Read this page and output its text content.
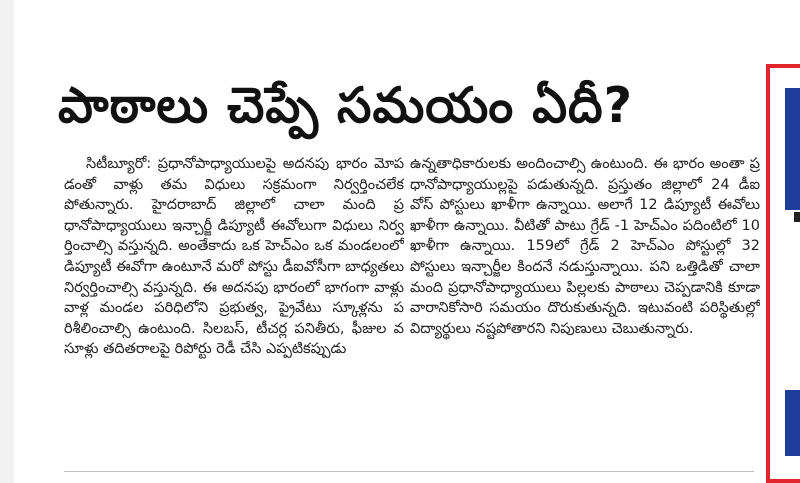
పాఠాలు చెప్పే సమయం ఏదీ?

సిటీబ్యూరో: ప్రధానోపాధ్యాయులపై అదనపు భారం మోపడంతో వాళ్లు తమ విధులు సక్రమంగా నిర్వర్తించలేకపోతున్నారు. హైదరాబాద్ జిల్లాలో చాలా మంది ప్రధానోపాధ్యాయులు ఇన్చార్జీ డిప్యూటీ ఈవోలుగా విధులు నిర్వర్తించాల్సి వస్తున్నది. అంతేకాదు ఒక హెచ్ఎం ఒక మండలంలో డిప్యూటీ ఈవోగా ఉంటూనే మరో పోస్టు డీఐవోసీగా బాధ్యతలు నిర్వర్తించాల్సి వస్తున్నది. ఈ అదనపు భారంలో భాగంగా వాళ్లు వాళ్ల మండల పరిధిలోని ప్రభుత్వ, ప్రైవేటు స్కూళ్లను పరిశీలించాల్సి ఉంటుంది. సిలబస్, టీచర్ల పనితీరు, ఫీజుల వసూళ్లు తదితరాలపై రిపోర్టు రెడీ చేసి ఎప్పటికప్పుడు

ఉన్నతాధికారులకు అందించాల్సి ఉంటుంది. ఈ భారం అంతా ప్రధానోపాధ్యాయుల్లపై పడుతున్నది. ప్రస్తుతం జిల్లాలో 24 డీఐవోస్ పోస్టులు ఖాళీగా ఉన్నాయి. అలాగే 12 డిప్యూటీ ఈవోలు ఖాళీగా ఉన్నాయి. వీటితో పాటు గ్రేడ్ -1 హెచ్ఎం పదింటిలో 10 ఖాళీగా ఉన్నాయి. 159లో గ్రేడ్ 2 హెచ్ఎం పోస్టుల్లో 32 పోస్టులు ఇన్చార్జీల కిందనే నడుస్తున్నాయి. పని ఒత్తిడితో చాలా మంది ప్రధానోపాధ్యాయులు పిల్లలకు పాఠాలు చెప్పడానికి కూడా వారానికోసారి సమయం దొరుకుతున్నది. ఇటువంటి పరిస్థితుల్లో విద్యార్థులు నష్టపోతారని నిపుణులు చెబుతున్నారు.
